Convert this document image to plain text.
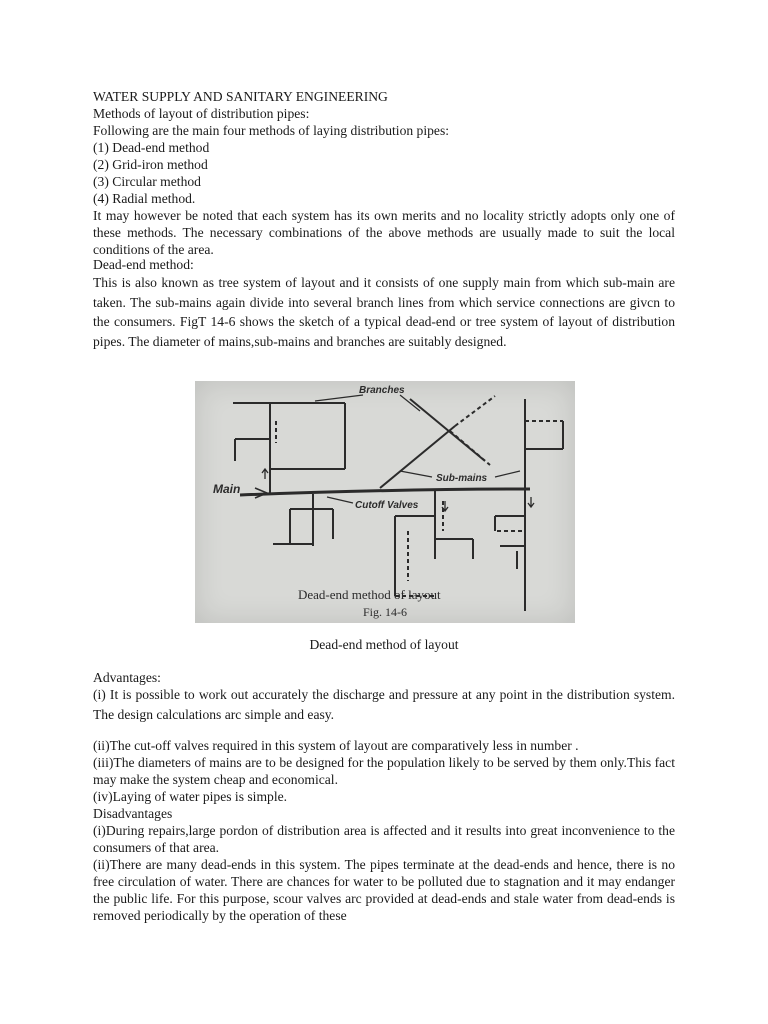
WATER SUPPLY AND SANITARY ENGINEERING
Methods of layout of distribution pipes:
Following are the main four methods of laying distribution pipes:
(1) Dead-end method
(2) Grid-iron method
(3) Circular method
(4) Radial method.
It may however be noted that each system has its own merits and no locality strictly adopts only one of these methods. The necessary combinations of the above methods are usually made to suit the local conditions of the area.
Dead-end method:
This is also known as tree system of layout and it consists of one supply main from which sub-main are taken. The sub-mains again divide into several branch lines from which service connections are givcn to the consumers. FigT 14-6 shows the sketch of a typical dead-end or tree system of layout of distribution pipes. The diameter of mains,sub-mains and branches are suitably designed.
Branches
Sub-mains
Main
Cutoff Valves
Dead-end method of layout
Fig. 14-6
Dead-end method of layout
Advantages:
(i) It is possible to work out accurately the discharge and pressure at any point in the distribution system. The design calculations arc simple and easy.
(ii)The cut-off valves required in this system of layout are comparatively less in number .
(iii)The diameters of mains are to be designed for the population likely to be served by them only.This fact may make the system cheap and economical.
(iv)Laying of water pipes is simple.
Disadvantages
(i)During repairs,large pordon of distribution area is affected and it results into great inconvenience to the consumers of that area.
(ii)There are many dead-ends in this system. The pipes terminate at the dead-ends and hence, there is no free circulation of water. There are chances for water to be polluted due to stagnation and it may endanger the public life. For this purpose, scour valves arc provided at dead-ends and stale water from dead-ends is removed periodically by the operation of these
